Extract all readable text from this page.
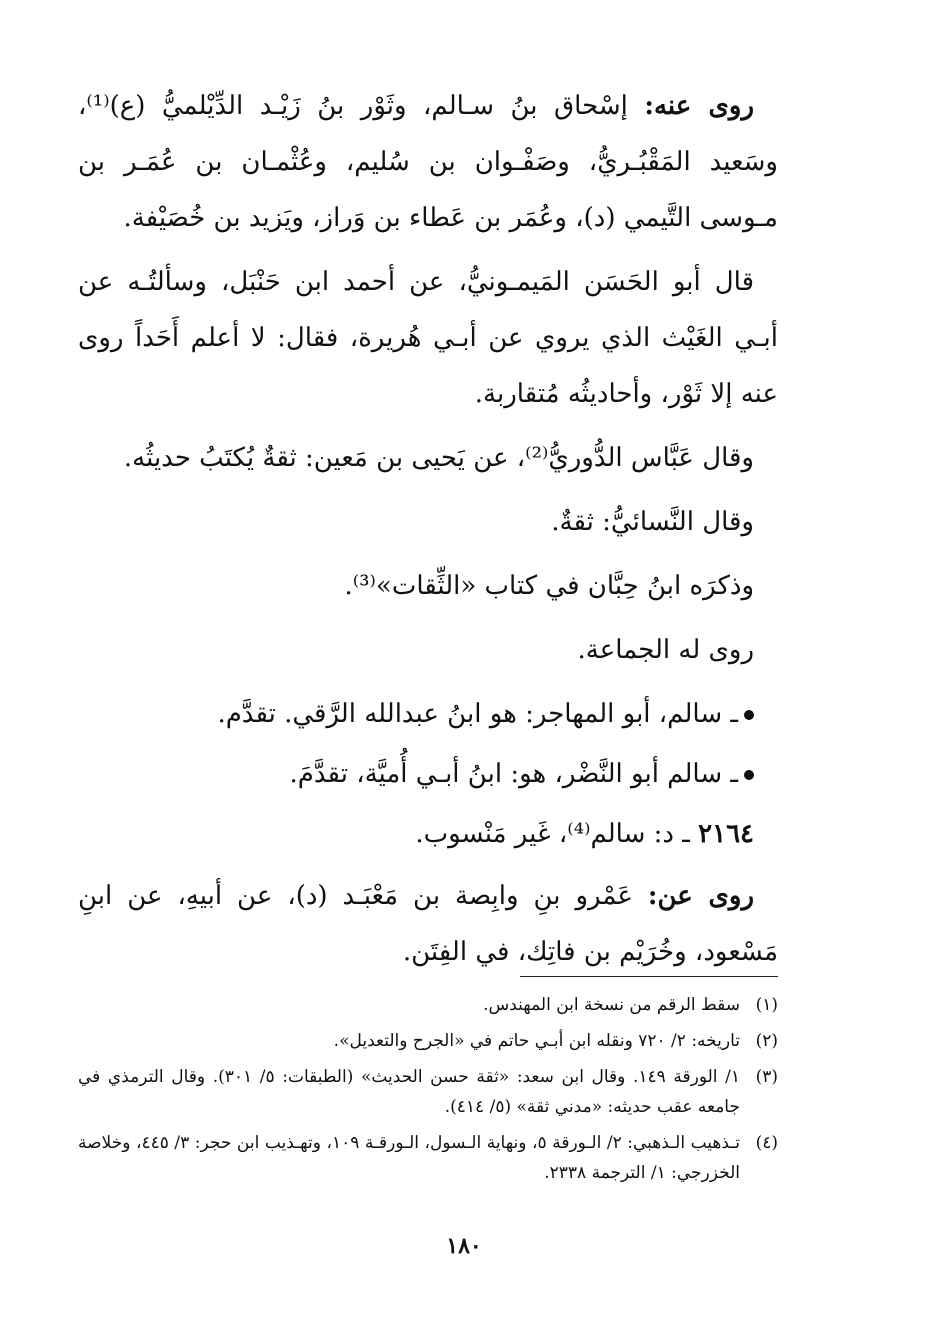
روى عنه: إسْحاق بنُ سـالم، وثَوْر بنُ زَيْـد الدِّيْلميُّ (ع)⁽¹⁾، وسَعيد المَقْبُـريُّ، وصَفْـوان بن سُليم، وعُثْمـان بن عُمَـر بن مـوسى التَّيمي (د)، وعُمَر بن عَطاء بن وَراز، ويَزيد بن خُصَيْفة.

قال أبو الحَسَن المَيمـونيُّ، عن أحمد ابن حَنْبَل، وسألتُـه عن أبـي الغَيْث الذي يروي عن أبـي هُريرة، فقال: لا أعلم أَحَداً روى عنه إلا ثَوْر، وأحاديثُه مُتقاربة.

وقال عَبَّاس الدُّوريُّ⁽²⁾، عن يَحيى بن مَعين: ثقةٌ يُكتَبُ حديثُه.

وقال النَّسائيُّ: ثقةٌ.

وذكرَه ابنُ حِبَّان في كتاب «الثِّقات»⁽³⁾.

روى له الجماعة.

ـ سالم، أبو المهاجر: هو ابنُ عبدالله الرَّقي. تقدَّم.

ـ سالم أبو النَّضْر، هو: ابنُ أبـي أُميَّة، تقدَّمَ.

٢١٦٤ ـ د: سالم⁽⁴⁾، غَير مَنْسوب.

روى عن: عَمْرو بنِ وابِصة بن مَعْبَـد (د)، عن أبيهِ، عن ابنِ مَسْعود، وخُرَيْم بن فاتِك، في الفِتَن.

(١)سقط الرقم من نسخة ابن المهندس.

(٢)تاريخه: ٢/ ٧٢٠ ونقله ابن أبـي حاتم في «الجرح والتعديل».

(٣)١/ الورقة ١٤٩. وقال ابن سعد: «ثقة حسن الحديث» (الطبقات: ٥/ ٣٠١). وقال الترمذي في جامعه عقب حديثه: «مدني ثقة» (٥/ ٤١٤).

(٤)تـذهيب الـذهبي: ٢/ الـورقة ٥، ونهاية الـسول، الـورقـة ١٠٩، وتهـذيب ابن حجر: ٣/ ٤٤٥، وخلاصة الخزرجي: ١/ الترجمة ٢٣٣٨.

١٨٠
